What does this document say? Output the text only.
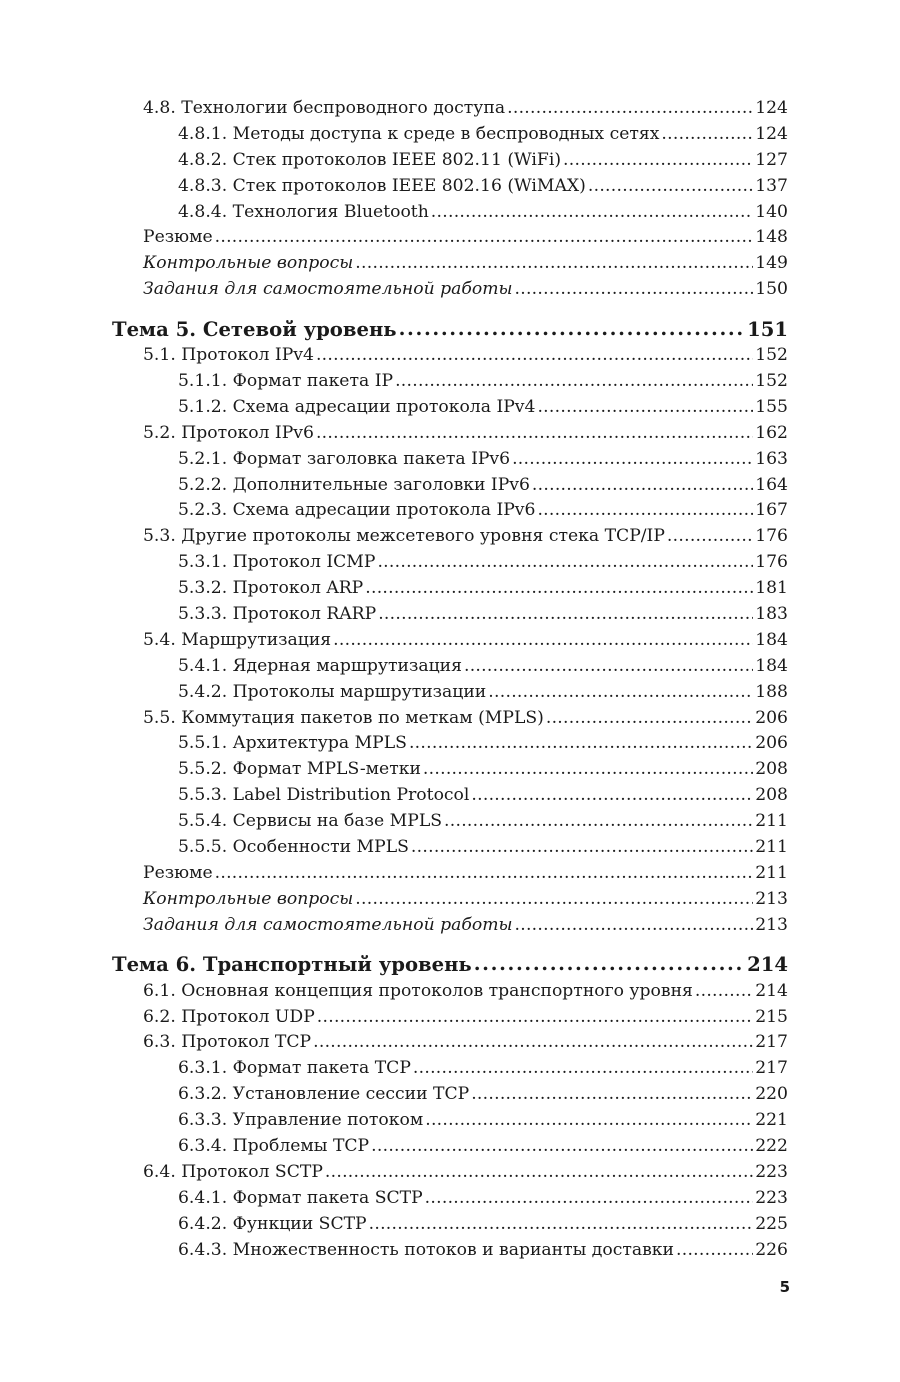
4.8. Технологии беспроводного доступа . . .	124
4.8.1. Методы доступа к среде в беспроводных сетях . . .	124
4.8.2. Стек протоколов IEEE 802.11 (WiFi) . . .	127
4.8.3. Стек протоколов IEEE 802.16 (WiMAX) . . .	137
4.8.4. Технология Bluetooth . . .	140
Резюме . . .	148
Контрольные вопросы . . .	149
Задания для самостоятельной работы . . .	150
Тема 5. Сетевой уровень . . .	151
5.1. Протокол IPv4 . . .	152
5.1.1. Формат пакета IP . . .	152
5.1.2. Схема адресации протокола IPv4 . . .	155
5.2. Протокол IPv6 . . .	162
5.2.1. Формат заголовка пакета IPv6 . . .	163
5.2.2. Дополнительные заголовки IPv6 . . .	164
5.2.3. Схема адресации протокола IPv6 . . .	167
5.3. Другие протоколы межсетевого уровня стека TCP/IP . . .	176
5.3.1. Протокол ICMP . . .	176
5.3.2. Протокол ARP . . .	181
5.3.3. Протокол RARP . . .	183
5.4. Маршрутизация . . .	184
5.4.1. Ядерная маршрутизация . . .	184
5.4.2. Протоколы маршрутизации . . .	188
5.5. Коммутация пакетов по меткам (MPLS) . . .	206
5.5.1. Архитектура MPLS . . .	206
5.5.2. Формат MPLS-метки . . .	208
5.5.3. Label Distribution Protocol . . .	208
5.5.4. Сервисы на базе MPLS . . .	211
5.5.5. Особенности MPLS . . .	211
Резюме . . .	211
Контрольные вопросы . . .	213
Задания для самостоятельной работы . . .	213
Тема 6. Транспортный уровень . . .	214
6.1. Основная концепция протоколов транспортного уровня . . .	214
6.2. Протокол UDP . . .	215
6.3. Протокол TCP . . .	217
6.3.1. Формат пакета TCP . . .	217
6.3.2. Установление сессии TCP . . .	220
6.3.3. Управление потоком . . .	221
6.3.4. Проблемы TCP . . .	222
6.4. Протокол SCTP . . .	223
6.4.1. Формат пакета SCTP . . .	223
6.4.2. Функции SCTP . . .	225
6.4.3. Множественность потоков и варианты доставки . . .	226
5
